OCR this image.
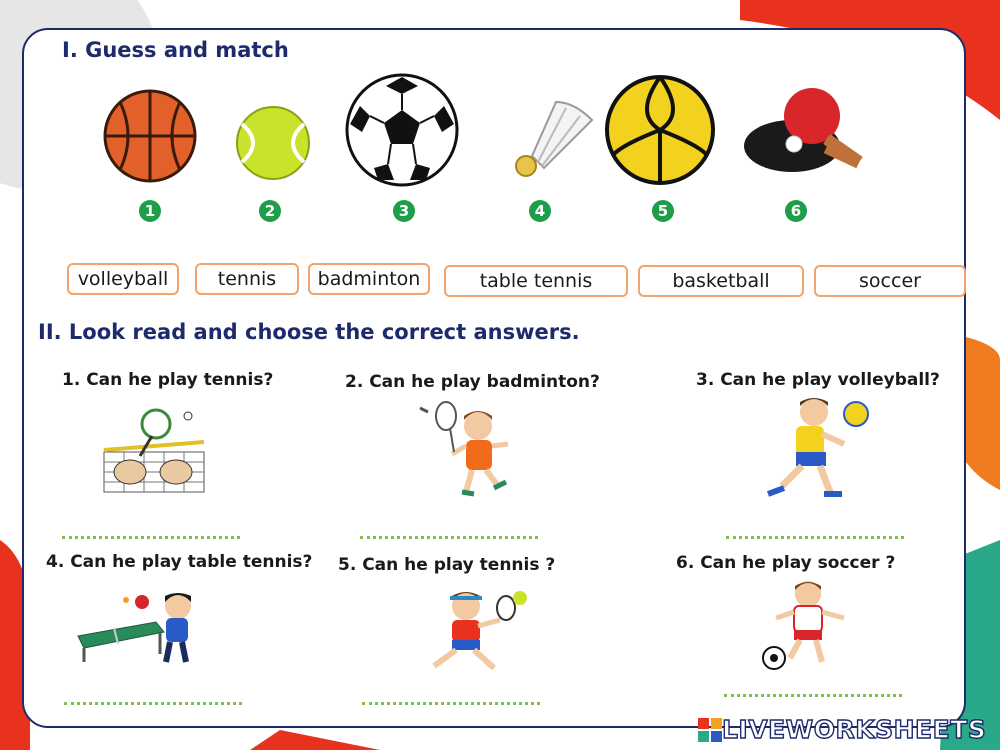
I. Guess and match
1	2	3	4	5	6
volleyball	tennis	badminton	table tennis	basketball	soccer
II. Look read and choose the correct answers.
1. Can he play tennis?	2. Can he play badminton?	3. Can he play volleyball?
4. Can he play table tennis? 5. Can he play tennis ?	6. Can he play soccer ?
LIVEWORKSHEETS
